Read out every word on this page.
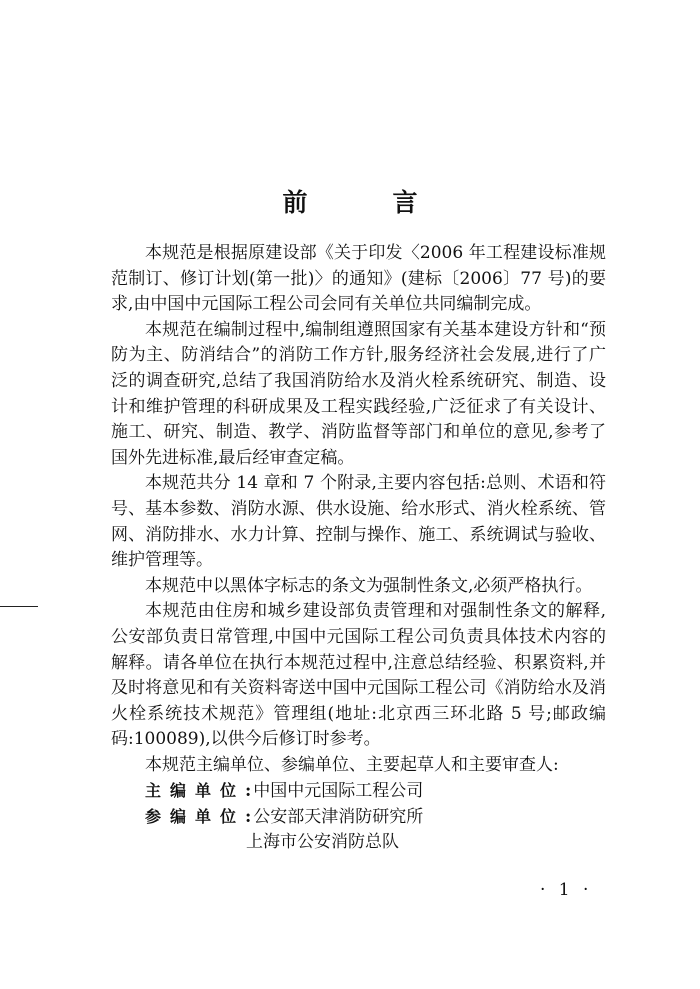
前　言

本规范是根据原建设部《关于印发〈2006 年工程建设标准规范制订、修订计划(第一批)〉的通知》(建标〔2006〕77 号)的要求,由中国中元国际工程公司会同有关单位共同编制完成。

本规范在编制过程中,编制组遵照国家有关基本建设方针和“预防为主、防消结合”的消防工作方针,服务经济社会发展,进行了广泛的调查研究,总结了我国消防给水及消火栓系统研究、制造、设计和维护管理的科研成果及工程实践经验,广泛征求了有关设计、施工、研究、制造、教学、消防监督等部门和单位的意见,参考了国外先进标准,最后经审查定稿。

本规范共分 14 章和 7 个附录,主要内容包括:总则、术语和符号、基本参数、消防水源、供水设施、给水形式、消火栓系统、管网、消防排水、水力计算、控制与操作、施工、系统调试与验收、维护管理等。

本规范中以黑体字标志的条文为强制性条文,必须严格执行。

本规范由住房和城乡建设部负责管理和对强制性条文的解释,公安部负责日常管理,中国中元国际工程公司负责具体技术内容的解释。请各单位在执行本规范过程中,注意总结经验、积累资料,并及时将意见和有关资料寄送中国中元国际工程公司《消防给水及消火栓系统技术规范》管理组(地址:北京西三环北路 5 号;邮政编码:100089),以供今后修订时参考。

本规范主编单位、参编单位、主要起草人和主要审查人:

主编单位 : 中国中元国际工程公司
参编单位 : 公安部天津消防研究所
上海市公安消防总队
· 1 ·
